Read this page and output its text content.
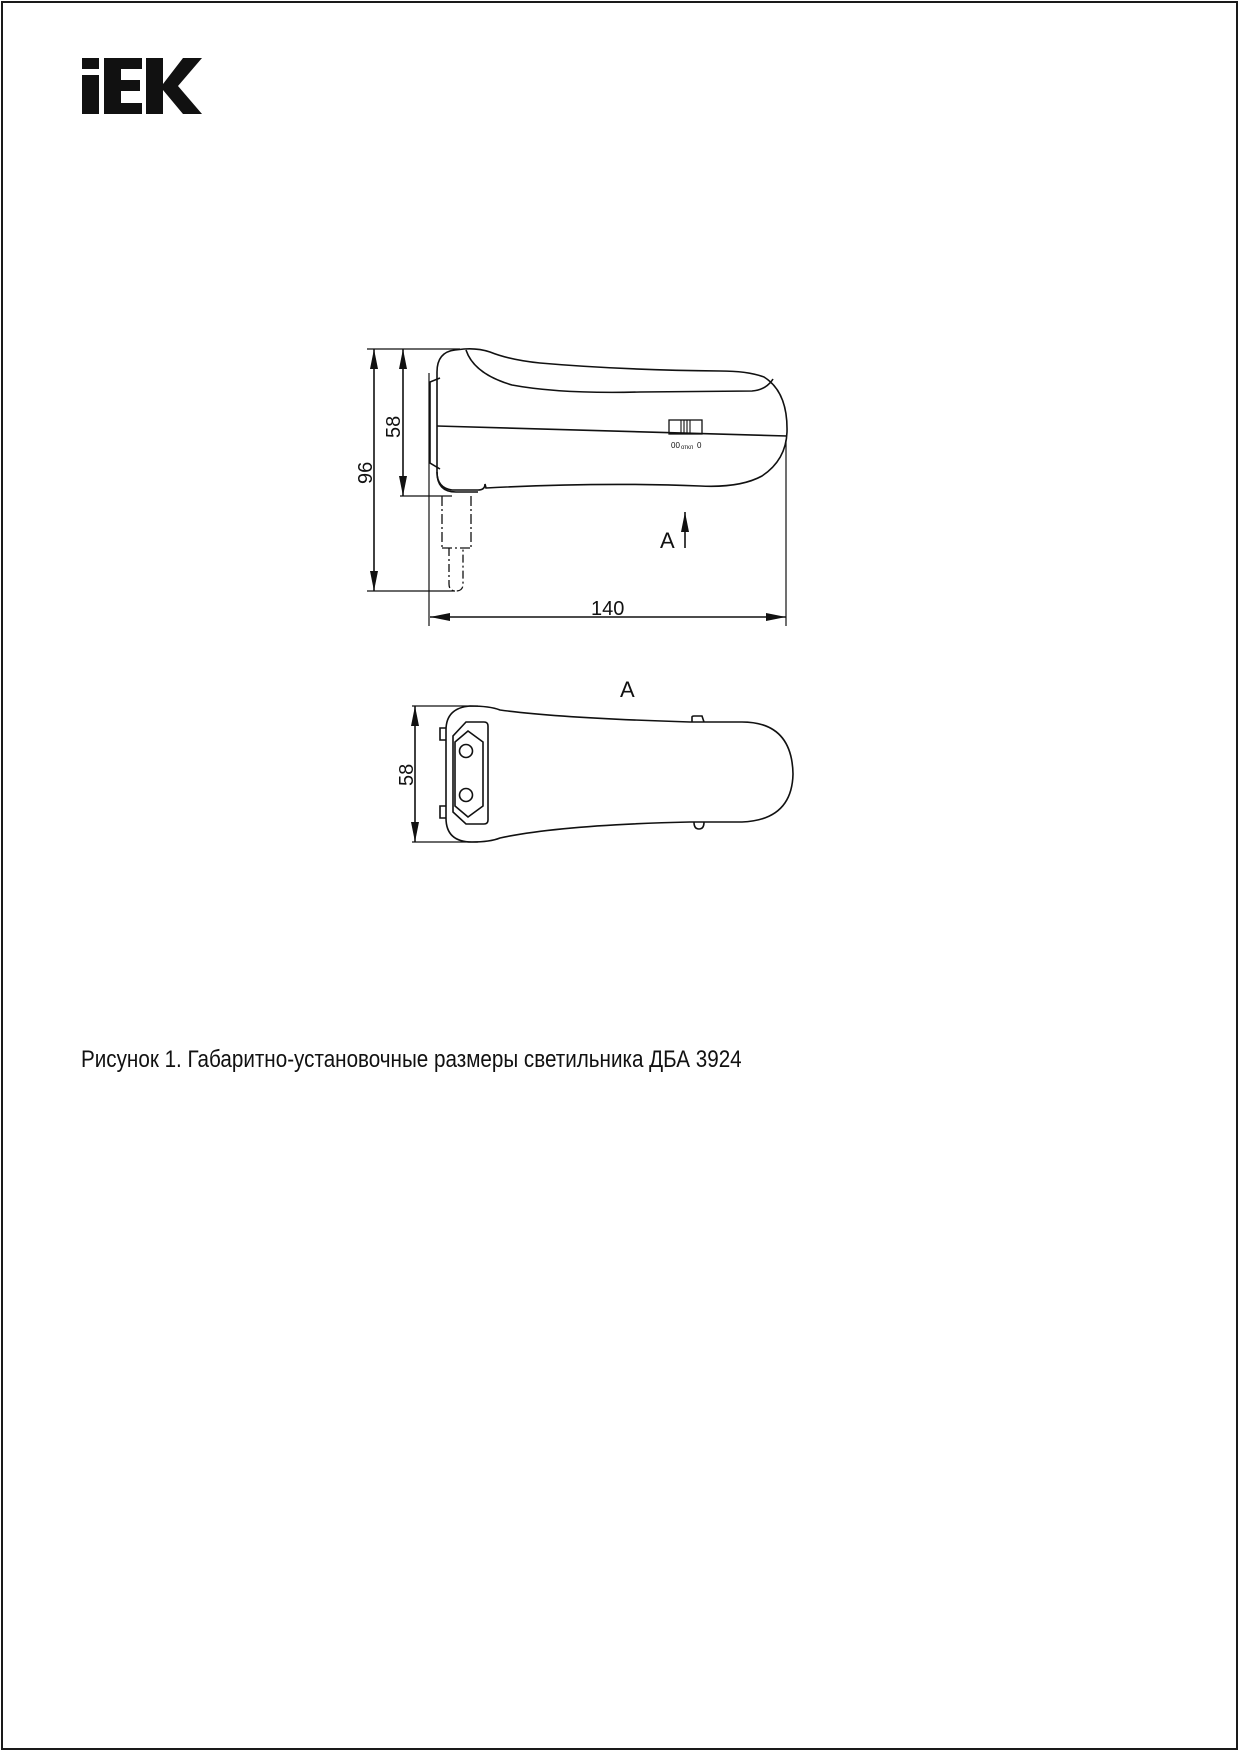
96
58
140
A
00 откл 0
A
58
Рисунок 1. Габаритно-установочные размеры светильника ДБА 3924
